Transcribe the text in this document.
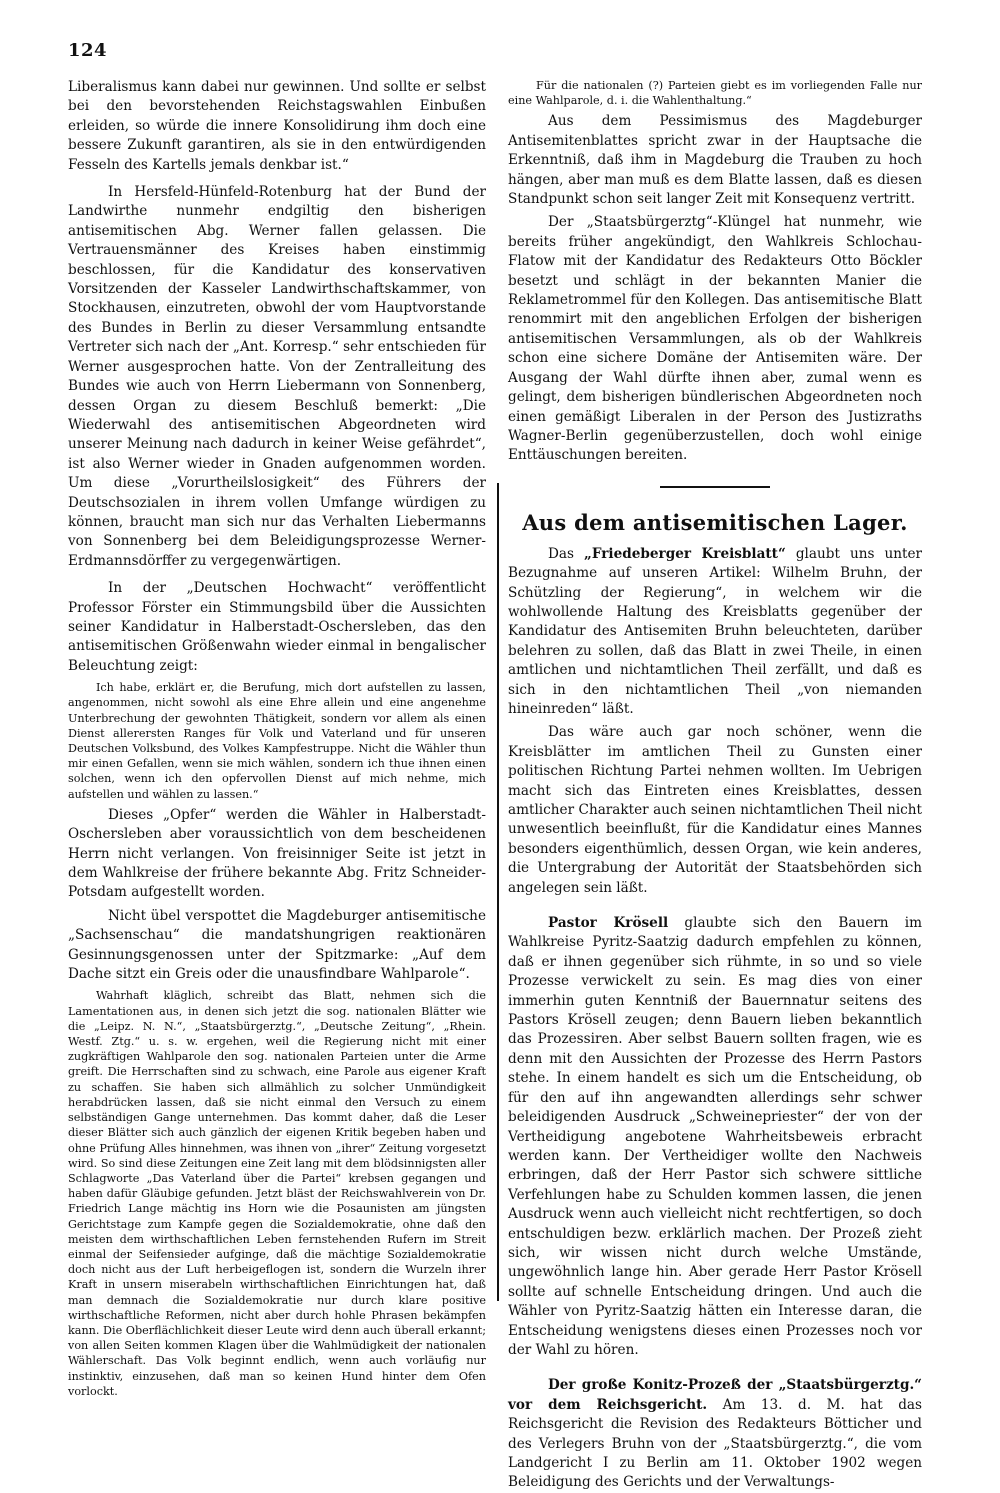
124

Liberalismus kann dabei nur gewinnen. Und sollte er selbst bei den bevorstehenden Reichstagswahlen Einbußen erleiden, so würde die innere Konsolidirung ihm doch eine bessere Zukunft garantiren, als sie in den entwürdigenden Fesseln des Kartells jemals denkbar ist.“

In Hersfeld-Hünfeld-Rotenburg hat der Bund der Landwirthe nunmehr endgiltig den bisherigen antisemitischen Abg. Werner fallen gelassen. Die Vertrauensmänner des Kreises haben einstimmig beschlossen, für die Kandidatur des konservativen Vorsitzenden der Kasseler Landwirthschaftskammer, von Stockhausen, einzutreten, obwohl der vom Hauptvorstande des Bundes in Berlin zu dieser Versammlung entsandte Vertreter sich nach der „Ant. Korresp.“ sehr entschieden für Werner ausgesprochen hatte. Von der Zentralleitung des Bundes wie auch von Herrn Liebermann von Sonnenberg, dessen Organ zu diesem Beschluß bemerkt: „Die Wiederwahl des antisemitischen Abgeordneten wird unserer Meinung nach dadurch in keiner Weise gefährdet“, ist also Werner wieder in Gnaden aufgenommen worden. Um diese „Vorurtheilslosigkeit“ des Führers der Deutschsozialen in ihrem vollen Umfange würdigen zu können, braucht man sich nur das Verhalten Liebermanns von Sonnenberg bei dem Beleidigungsprozesse Werner-Erdmannsdörffer zu vergegenwärtigen.

In der „Deutschen Hochwacht“ veröffentlicht Professor Förster ein Stimmungsbild über die Aussichten seiner Kandidatur in Halberstadt-Oschersleben, das den antisemitischen Größenwahn wieder einmal in bengalischer Beleuchtung zeigt:

Ich habe, erklärt er, die Berufung, mich dort aufstellen zu lassen, angenommen, nicht sowohl als eine Ehre allein und eine angenehme Unterbrechung der gewohnten Thätigkeit, sondern vor allem als einen Dienst allerersten Ranges für Volk und Vaterland und für unseren Deutschen Volksbund, des Volkes Kampfestruppe. Nicht die Wähler thun mir einen Gefallen, wenn sie mich wählen, sondern ich thue ihnen einen solchen, wenn ich den opfervollen Dienst auf mich nehme, mich aufstellen und wählen zu lassen.“

Dieses „Opfer“ werden die Wähler in Halberstadt-Oschersleben aber voraussichtlich von dem bescheidenen Herrn nicht verlangen. Von freisinniger Seite ist jetzt in dem Wahlkreise der frühere bekannte Abg. Fritz Schneider-Potsdam aufgestellt worden.

Nicht übel verspottet die Magdeburger antisemitische „Sachsenschau“ die mandatshungrigen reaktionären Gesinnungsgenossen unter der Spitzmarke: „Auf dem Dache sitzt ein Greis oder die unausfindbare Wahlparole“.

Wahrhaft kläglich, schreibt das Blatt, nehmen sich die Lamentationen aus, in denen sich jetzt die sog. nationalen Blätter wie die „Leipz. N. N.“, „Staatsbürgerztg.“, „Deutsche Zeitung“, „Rhein. Westf. Ztg.“ u. s. w. ergehen, weil die Regierung nicht mit einer zugkräftigen Wahlparole den sog. nationalen Parteien unter die Arme greift. Die Herrschaften sind zu schwach, eine Parole aus eigener Kraft zu schaffen. Sie haben sich allmählich zu solcher Unmündigkeit herabdrücken lassen, daß sie nicht einmal den Versuch zu einem selbständigen Gange unternehmen. Das kommt daher, daß die Leser dieser Blätter sich auch gänzlich der eigenen Kritik begeben haben und ohne Prüfung Alles hinnehmen, was ihnen von „ihrer“ Zeitung vorgesetzt wird. So sind diese Zeitungen eine Zeit lang mit dem blödsinnigsten aller Schlagworte „Das Vaterland über die Partei“ krebsen gegangen und haben dafür Gläubige gefunden. Jetzt bläst der Reichswahlverein von Dr. Friedrich Lange mächtig ins Horn wie die Posaunisten am jüngsten Gerichtstage zum Kampfe gegen die Sozialdemokratie, ohne daß den meisten dem wirthschaftlichen Leben fernstehenden Rufern im Streit einmal der Seifensieder aufginge, daß die mächtige Sozialdemokratie doch nicht aus der Luft herbeigeflogen ist, sondern die Wurzeln ihrer Kraft in unsern miserabeln wirthschaftlichen Einrichtungen hat, daß man demnach die Sozialdemokratie nur durch klare positive wirthschaftliche Reformen, nicht aber durch hohle Phrasen bekämpfen kann. Die Oberflächlichkeit dieser Leute wird denn auch überall erkannt; von allen Seiten kommen Klagen über die Wahlmüdigkeit der nationalen Wählerschaft. Das Volk beginnt endlich, wenn auch vorläufig nur instinktiv, einzusehen, daß man so keinen Hund hinter dem Ofen vorlockt.

Für die nationalen (?) Parteien giebt es im vorliegenden Falle nur eine Wahlparole, d. i. die Wahlenthaltung.“

Aus dem Pessimismus des Magdeburger Antisemitenblattes spricht zwar in der Hauptsache die Erkenntniß, daß ihm in Magdeburg die Trauben zu hoch hängen, aber man muß es dem Blatte lassen, daß es diesen Standpunkt schon seit langer Zeit mit Konsequenz vertritt.

Der „Staatsbürgerztg“-Klüngel hat nunmehr, wie bereits früher angekündigt, den Wahlkreis Schlochau-Flatow mit der Kandidatur des Redakteurs Otto Böckler besetzt und schlägt in der bekannten Manier die Reklametrommel für den Kollegen. Das antisemitische Blatt renommirt mit den angeblichen Erfolgen der bisherigen antisemitischen Versammlungen, als ob der Wahlkreis schon eine sichere Domäne der Antisemiten wäre. Der Ausgang der Wahl dürfte ihnen aber, zumal wenn es gelingt, dem bisherigen bündlerischen Abgeordneten noch einen gemäßigt Liberalen in der Person des Justizraths Wagner-Berlin gegenüberzustellen, doch wohl einige Enttäuschungen bereiten.

Aus dem antisemitischen Lager.

Das „Friedeberger Kreisblatt“ glaubt uns unter Bezugnahme auf unseren Artikel: Wilhelm Bruhn, der Schützling der Regierung“, in welchem wir die wohlwollende Haltung des Kreisblatts gegenüber der Kandidatur des Antisemiten Bruhn beleuchteten, darüber belehren zu sollen, daß das Blatt in zwei Theile, in einen amtlichen und nichtamtlichen Theil zerfällt, und daß es sich in den nichtamtlichen Theil „von niemanden hineinreden“ läßt.

Das wäre auch gar noch schöner, wenn die Kreisblätter im amtlichen Theil zu Gunsten einer politischen Richtung Partei nehmen wollten. Im Uebrigen macht sich das Eintreten eines Kreisblattes, dessen amtlicher Charakter auch seinen nichtamtlichen Theil nicht unwesentlich beeinflußt, für die Kandidatur eines Mannes besonders eigenthümlich, dessen Organ, wie kein anderes, die Untergrabung der Autorität der Staatsbehörden sich angelegen sein läßt.

Pastor Krösell glaubte sich den Bauern im Wahlkreise Pyritz-Saatzig dadurch empfehlen zu können, daß er ihnen gegenüber sich rühmte, in so und so viele Prozesse verwickelt zu sein. Es mag dies von einer immerhin guten Kenntniß der Bauernnatur seitens des Pastors Krösell zeugen; denn Bauern lieben bekanntlich das Prozessiren. Aber selbst Bauern sollten fragen, wie es denn mit den Aussichten der Prozesse des Herrn Pastors stehe. In einem handelt es sich um die Entscheidung, ob für den auf ihn angewandten allerdings sehr schwer beleidigenden Ausdruck „Schweinepriester“ der von der Vertheidigung angebotene Wahrheitsbeweis erbracht werden kann. Der Vertheidiger wollte den Nachweis erbringen, daß der Herr Pastor sich schwere sittliche Verfehlungen habe zu Schulden kommen lassen, die jenen Ausdruck wenn auch vielleicht nicht rechtfertigen, so doch entschuldigen bezw. erklärlich machen. Der Prozeß zieht sich, wir wissen nicht durch welche Umstände, ungewöhnlich lange hin. Aber gerade Herr Pastor Krösell sollte auf schnelle Entscheidung dringen. Und auch die Wähler von Pyritz-Saatzig hätten ein Interesse daran, die Entscheidung wenigstens dieses einen Prozesses noch vor der Wahl zu hören.

Der große Konitz-Prozeß der „Staatsbürgerztg.“ vor dem Reichsgericht. Am 13. d. M. hat das Reichsgericht die Revision des Redakteurs Bötticher und des Verlegers Bruhn von der „Staatsbürgerztg.“, die vom Landgericht I zu Berlin am 11. Oktober 1902 wegen Beleidigung des Gerichts und der Verwaltungs-
